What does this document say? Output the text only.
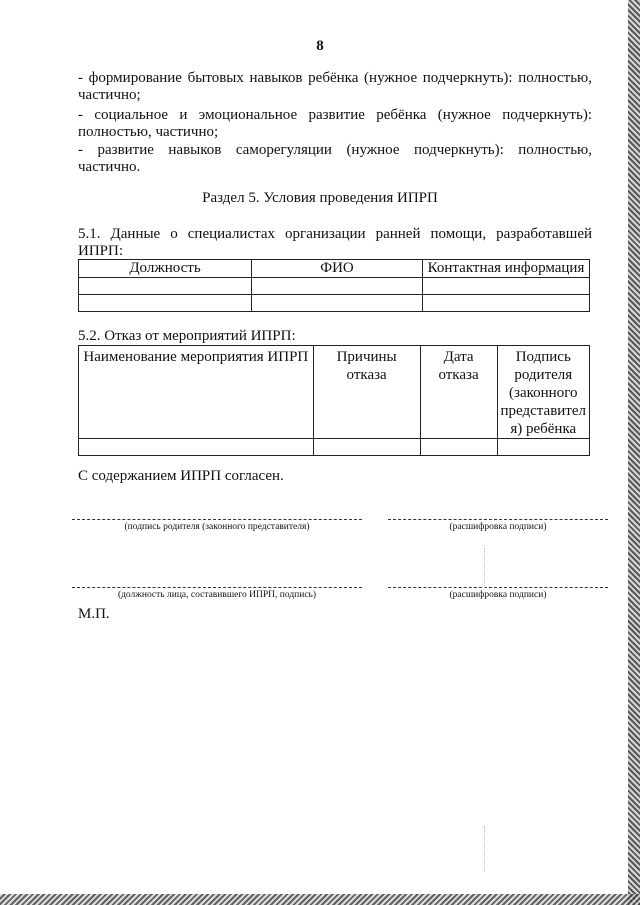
8
- формирование бытовых навыков ребёнка (нужное подчеркнуть): полностью,
частично;
- социальное и эмоциональное развитие ребёнка (нужное подчеркнуть):
полностью, частично;
- развитие навыков саморегуляции (нужное подчеркнуть): полностью,
частично.
Раздел 5. Условия проведения ИПРП
5.1. Данные о специалистах организации ранней помощи, разработавшей
ИПРП:
Должность	ФИО	Контактная информация

5.2. Отказ от мероприятий ИПРП:
Наименование мероприятия ИПРП	Причины отказа	Дата отказа	Подпись родителя (законного представител я) ребёнка

С содержанием ИПРП согласен.
(подпись родителя (законного представителя)	(расшифровка подписи)
(должность лица, составившего ИПРП, подпись)	(расшифровка подписи)
М.П.
